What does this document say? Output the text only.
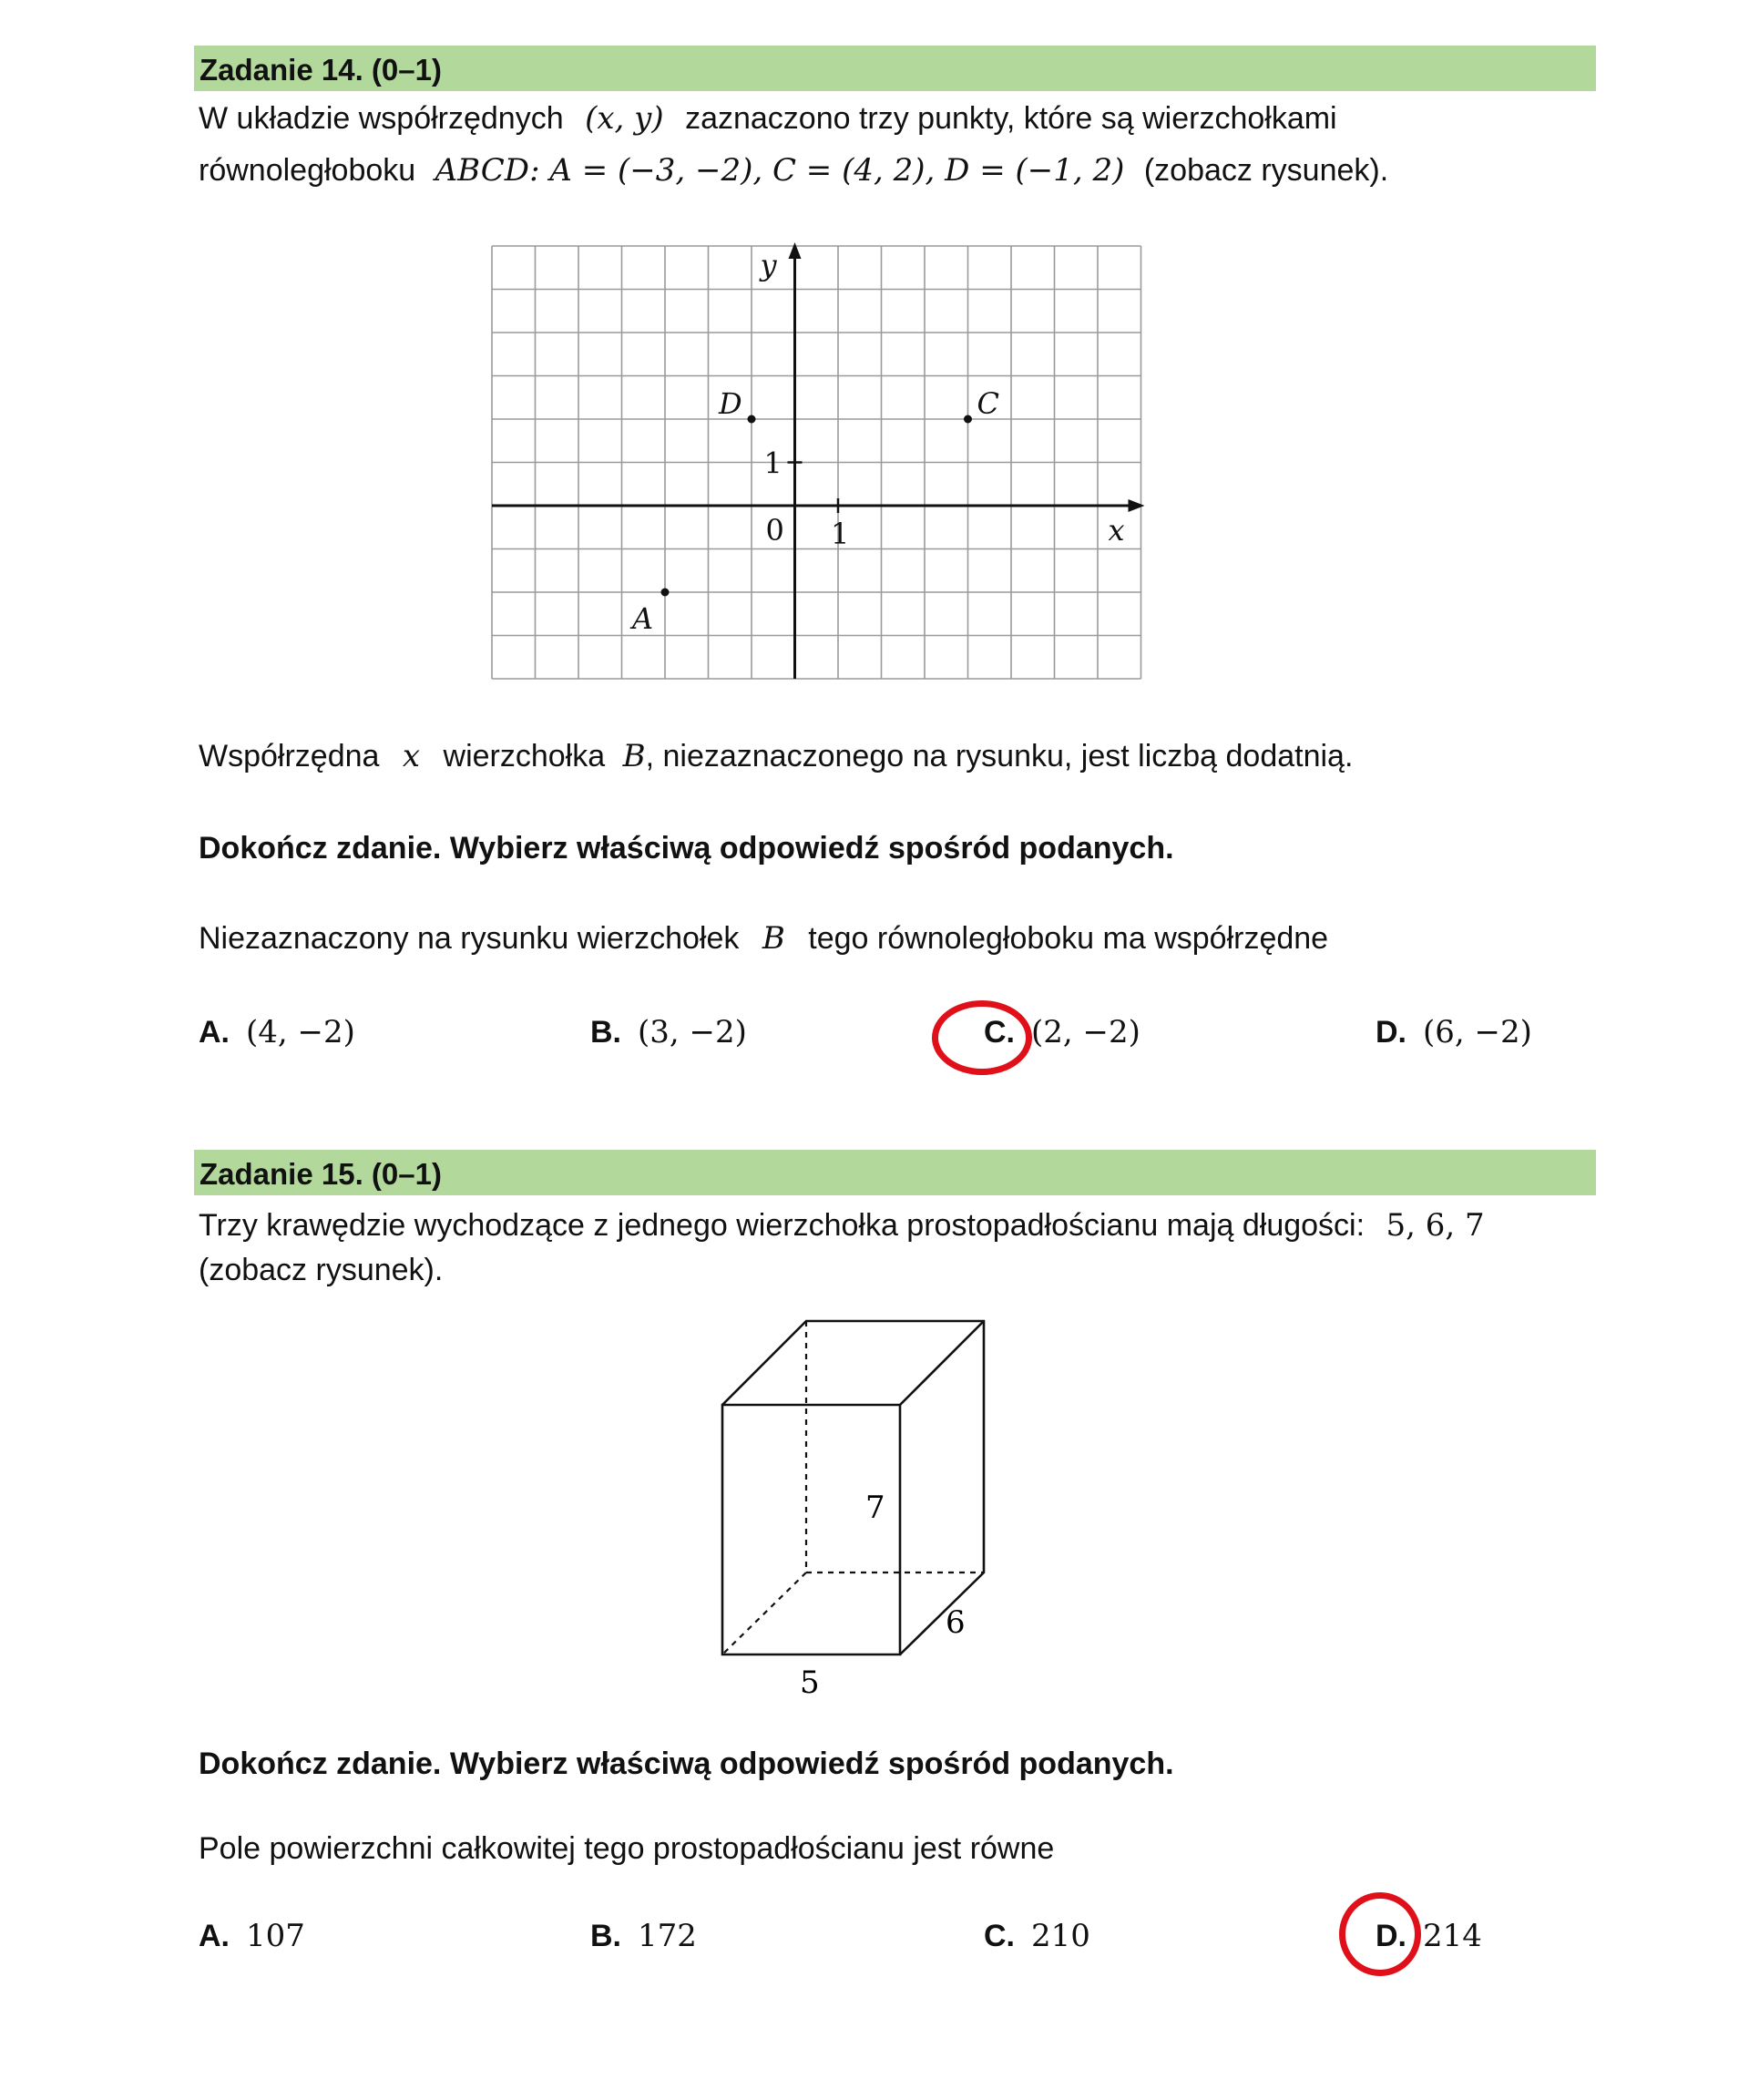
Zadanie 14. (0–1)
W układzie współrzędnych (x, y) zaznaczono trzy punkty, które są wierzchołkami
równoległoboku ABCD: A = (−3, −2), C = (4, 2), D = (−1, 2) (zobacz rysunek).
x
y
0 1
1
A
C
D
Współrzędna x wierzchołka B, niezaznaczonego na rysunku, jest liczbą dodatnią.
Dokończ zdanie. Wybierz właściwą odpowiedź spośród podanych.
Niezaznaczony na rysunku wierzchołek B tego równoległoboku ma współrzędne
A. (4, −2)	B. (3, −2)	C. (2, −2)	D. (6, −2)
Zadanie 15. (0–1)
Trzy krawędzie wychodzące z jednego wierzchołka prostopadłościanu mają długości: 5, 6, 7
(zobacz rysunek).
7
6
5
Dokończ zdanie. Wybierz właściwą odpowiedź spośród podanych.
Pole powierzchni całkowitej tego prostopadłościanu jest równe
A. 107	B. 172	C. 210	D. 214
